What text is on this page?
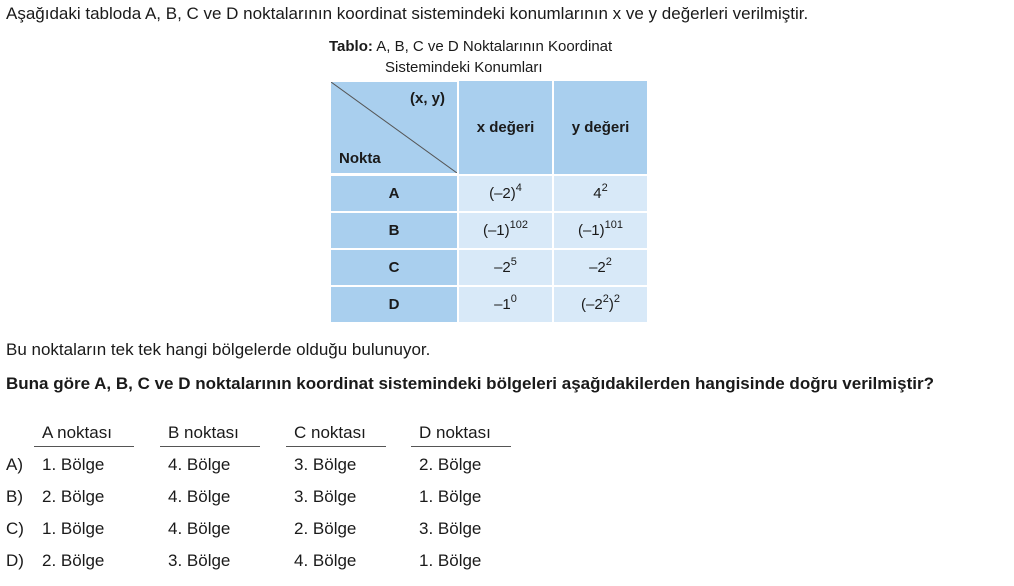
Aşağıdaki tabloda A, B, C ve D noktalarının koordinat sistemindeki konumlarının x ve y değerleri verilmiştir.
Tablo: A, B, C ve D Noktalarının Koordinat
Sistemindeki Konumları
(x, y)
Nokta	x değeri	y değeri
A	$(-2)^4$	$4^2$
B	$(-1)^{102}$	$(-1)^{101}$
C	$-2^5$	$-2^2$
D	$-1^0$	$(-2^2)^2$
Bu noktaların tek tek hangi bölgelerde olduğu bulunuyor.
Buna göre A, B, C ve D noktalarının koordinat sistemindeki bölgeleri aşağıdakilerden hangisinde doğru verilmiştir?
A noktası	B noktası	C noktası	D noktası
A) 1. Bölge	4. Bölge	3. Bölge	2. Bölge
B) 2. Bölge	4. Bölge	3. Bölge	1. Bölge
C) 1. Bölge	4. Bölge	2. Bölge	3. Bölge
D) 2. Bölge	3. Bölge	4. Bölge	1. Bölge
